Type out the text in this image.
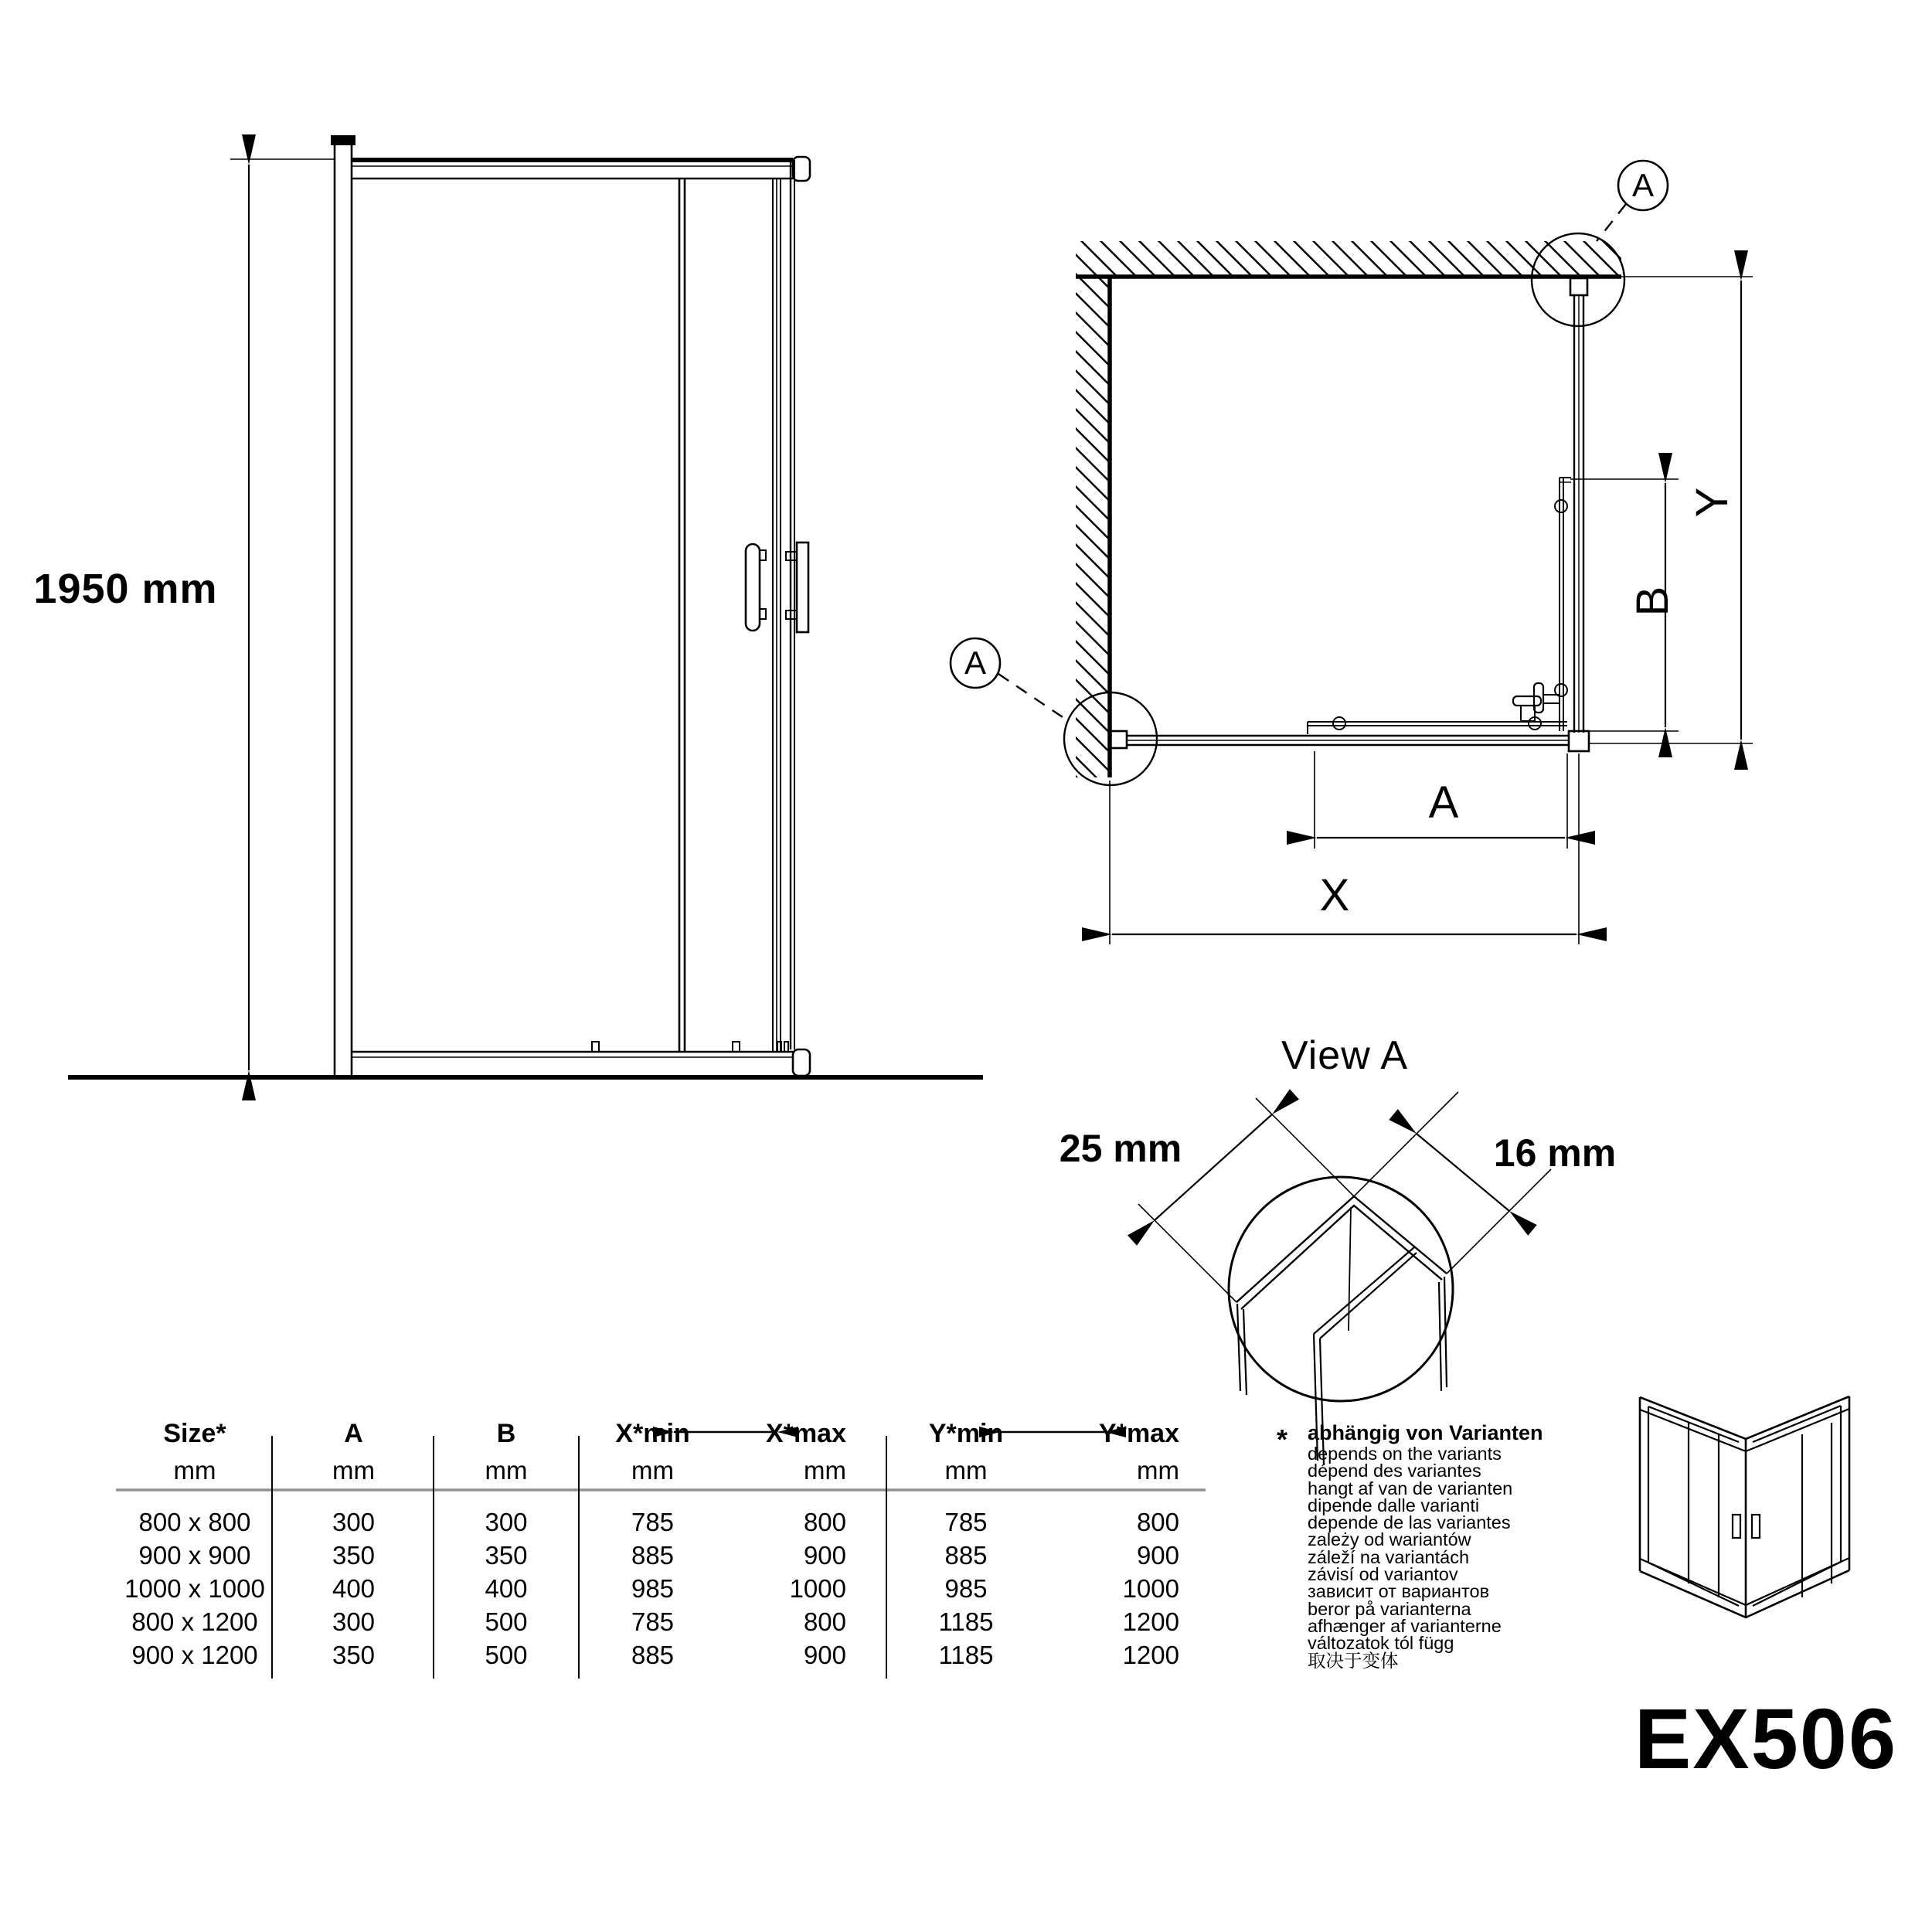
1950 mm
A
X
Y
B
A
A
View A
25 mm	16 mm
EX506
Size*	A	B	X*min	X*max	Y*min	Y*max
mm	mm	mm	mm	mm	mm	mm
800 x 800	300	300	785	800	785	800
900 x 900	350	350	885	900	885	900
1000 x 1000	400	400	985	1000	985	1000
800 x 1200	300	500	785	800	1185	1200
900 x 1200	350	500	885	900	1185	1200
* abhängig von Varianten
depends on the variants
dépend des variantes
hangt af van de varianten
dipende dalle varianti
depende de las variantes
zależy od wariantów
záleží na variantách
závisí od variantov
зависит от вариантов
beror på varianterna
afhænger af varianterne
változatok tól függ
取决于变体
